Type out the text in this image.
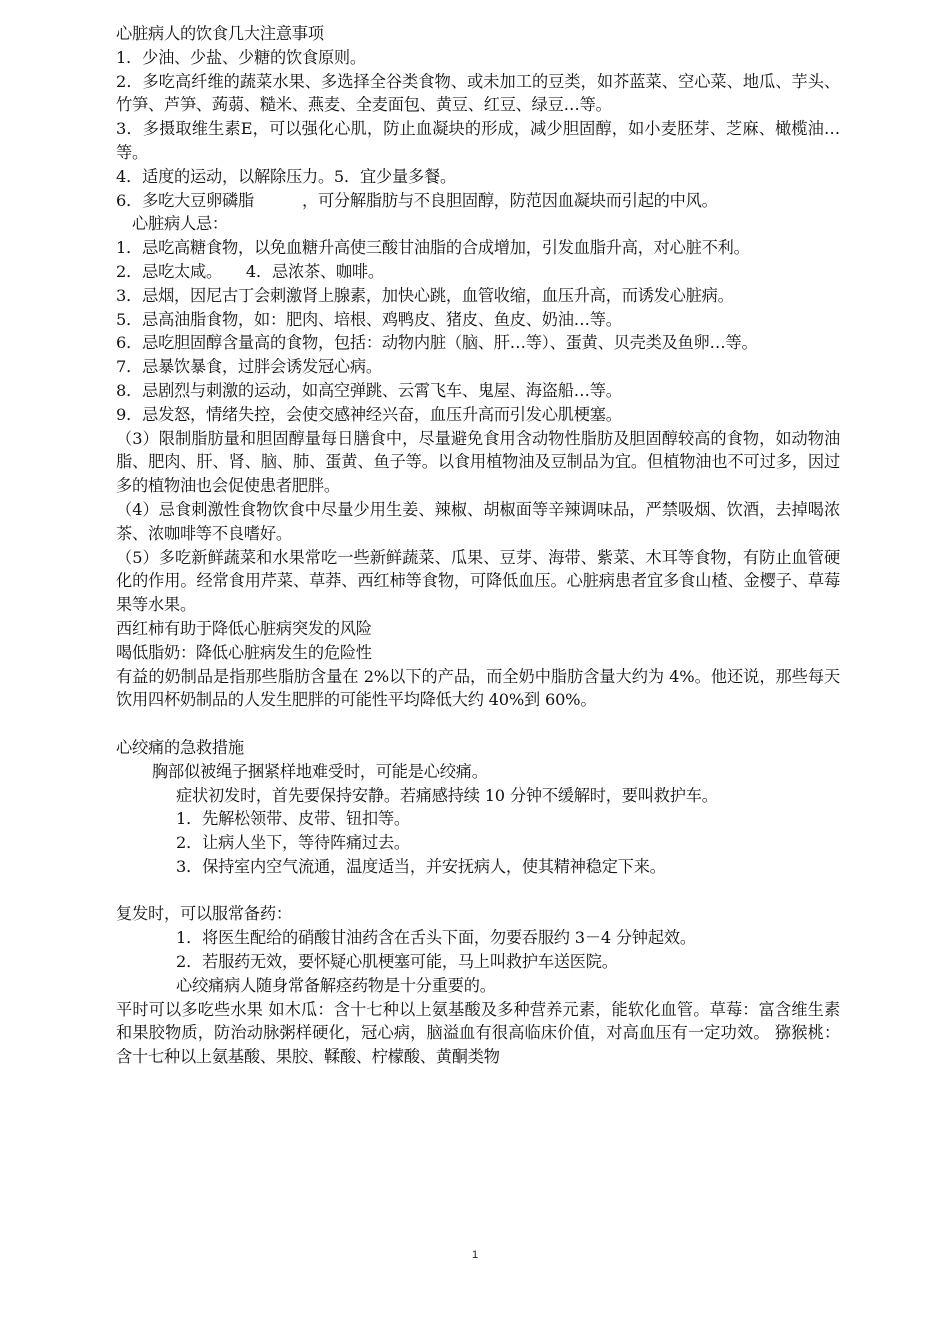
心脏病人的饮食几大注意事项

1．少油、少盐、少糖的饮食原则。

2．多吃高纤维的蔬菜水果、多选择全谷类食物、或未加工的豆类，如芥蓝菜、空心菜、地瓜、芋头、竹笋、芦笋、蒟蒻、糙米、燕麦、全麦面包、黄豆、红豆、绿豆…等。

3．多摄取维生素E，可以强化心肌，防止血凝块的形成，减少胆固醇，如小麦胚芽、芝麻、橄榄油…等。

4．适度的运动，以解除压力。5．宜少量多餐。

6．多吃大豆卵磷脂　　　，可分解脂肪与不良胆固醇，防范因血凝块而引起的中风。

心脏病人忌：

1．忌吃高糖食物，以免血糖升高使三酸甘油脂的合成增加，引发血脂升高，对心脏不利。

2．忌吃太咸。　　4．忌浓茶、咖啡。

3．忌烟，因尼古丁会刺激肾上腺素，加快心跳，血管收缩，血压升高，而诱发心脏病。

5．忌高油脂食物，如：肥肉、培根、鸡鸭皮、猪皮、鱼皮、奶油…等。

6．忌吃胆固醇含量高的食物，包括：动物内脏（脑、肝…等）、蛋黄、贝壳类及鱼卵…等。

7．忌暴饮暴食，过胖会诱发冠心病。

8．忌剧烈与刺激的运动，如高空弹跳、云霄飞车、鬼屋、海盗船…等。

9．忌发怒，情绪失控，会使交感神经兴奋，血压升高而引发心肌梗塞。

（3）限制脂肪量和胆固醇量每日膳食中，尽量避免食用含动物性脂肪及胆固醇较高的食物，如动物油脂、肥肉、肝、肾、脑、肺、蛋黄、鱼子等。以食用植物油及豆制品为宜。但植物油也不可过多，因过多的植物油也会促使患者肥胖。

（4）忌食刺激性食物饮食中尽量少用生姜、辣椒、胡椒面等辛辣调味品，严禁吸烟、饮酒，去掉喝浓茶、浓咖啡等不良嗜好。

（5）多吃新鲜蔬菜和水果常吃一些新鲜蔬菜、瓜果、豆芽、海带、紫菜、木耳等食物，有防止血管硬化的作用。经常食用芹菜、草莽、西红柿等食物，可降低血压。心脏病患者宜多食山楂、金樱子、草莓果等水果。

西红柿有助于降低心脏病突发的风险

喝低脂奶：降低心脏病发生的危险性

有益的奶制品是指那些脂肪含量在 2%以下的产品，而全奶中脂肪含量大约为 4%。他还说，那些每天饮用四杯奶制品的人发生肥胖的可能性平均降低大约 40%到 60%。

心绞痛的急救措施

胸部似被绳子捆紧样地难受时，可能是心绞痛。

症状初发时，首先要保持安静。若痛感持续 10 分钟不缓解时，要叫救护车。

1．先解松领带、皮带、钮扣等。

2．让病人坐下，等待阵痛过去。

3．保持室内空气流通，温度适当，并安抚病人，使其精神稳定下来。

复发时，可以服常备药：

1．将医生配给的硝酸甘油药含在舌头下面，勿要吞服约 3－4 分钟起效。

2．若服药无效，要怀疑心肌梗塞可能，马上叫救护车送医院。

心绞痛病人随身常备解痉药物是十分重要的。

平时可以多吃些水果 如木瓜：含十七种以上氨基酸及多种营养元素，能软化血管。草莓：富含维生素和果胶物质，防治动脉粥样硬化，冠心病，脑溢血有很高临床价值，对高血压有一定功效。 猕猴桃：含十七种以上氨基酸、果胶、鞣酸、柠檬酸、黄酮类物

1
